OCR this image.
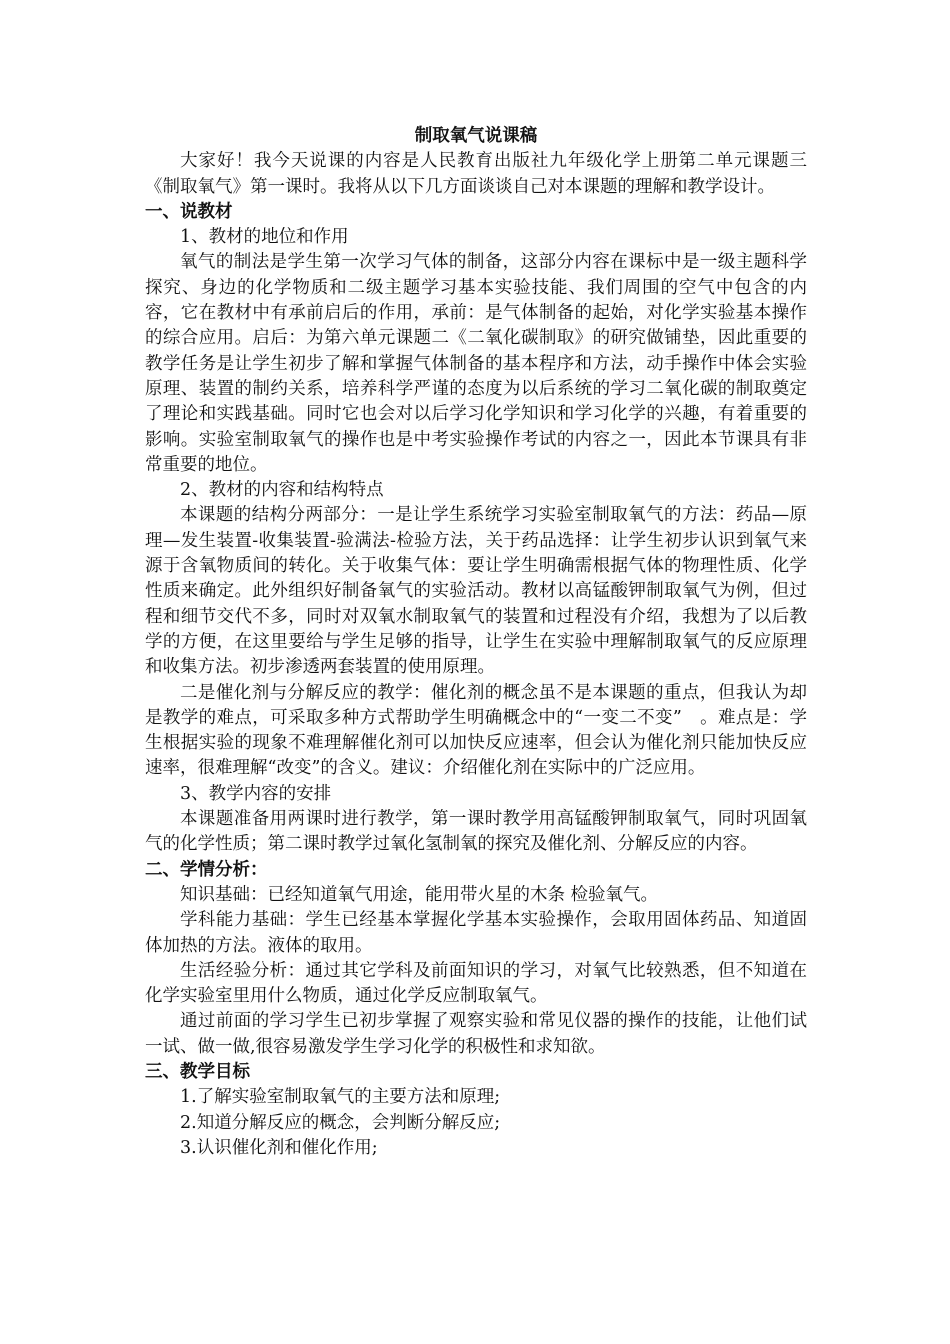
制取氧气说课稿

大家好！我今天说课的内容是人民教育出版社九年级化学上册第二单元课题三《制取氧气》第一课时。我将从以下几方面谈谈自己对本课题的理解和教学设计。

一、说教材

1、教材的地位和作用

氧气的制法是学生第一次学习气体的制备，这部分内容在课标中是一级主题科学探究、身边的化学物质和二级主题学习基本实验技能、我们周围的空气中包含的内容，它在教材中有承前启后的作用，承前：是气体制备的起始，对化学实验基本操作的综合应用。启后：为第六单元课题二《二氧化碳制取》的研究做铺垫，因此重要的教学任务是让学生初步了解和掌握气体制备的基本程序和方法，动手操作中体会实验原理、装置的制约关系，培养科学严谨的态度为以后系统的学习二氧化碳的制取奠定了理论和实践基础。同时它也会对以后学习化学知识和学习化学的兴趣，有着重要的影响。实验室制取氧气的操作也是中考实验操作考试的内容之一，因此本节课具有非常重要的地位。

2、教材的内容和结构特点

本课题的结构分两部分：一是让学生系统学习实验室制取氧气的方法：药品—原理—发生装置-收集装置-验满法-检验方法，关于药品选择：让学生初步认识到氧气来源于含氧物质间的转化。关于收集气体：要让学生明确需根据气体的物理性质、化学性质来确定。此外组织好制备氧气的实验活动。教材以高锰酸钾制取氧气为例，但过程和细节交代不多，同时对双氧水制取氧气的装置和过程没有介绍，我想为了以后教学的方便，在这里要给与学生足够的指导，让学生在实验中理解制取氧气的反应原理和收集方法。初步渗透两套装置的使用原理。

二是催化剂与分解反应的教学：催化剂的概念虽不是本课题的重点，但我认为却是教学的难点，可采取多种方式帮助学生明确概念中的“一变二不变”　。难点是：学生根据实验的现象不难理解催化剂可以加快反应速率，但会认为催化剂只能加快反应速率，很难理解“改变”的含义。建议：介绍催化剂在实际中的广泛应用。

3、教学内容的安排

本课题准备用两课时进行教学，第一课时教学用高锰酸钾制取氧气，同时巩固氧气的化学性质；第二课时教学过氧化氢制氧的探究及催化剂、分解反应的内容。

二、学情分析：

知识基础：已经知道氧气用途，能用带火星的木条 检验氧气。

学科能力基础：学生已经基本掌握化学基本实验操作，会取用固体药品、知道固体加热的方法。液体的取用。

生活经验分析：通过其它学科及前面知识的学习，对氧气比较熟悉，但不知道在化学实验室里用什么物质，通过化学反应制取氧气。

通过前面的学习学生已初步掌握了观察实验和常见仪器的操作的技能，让他们试一试、做一做,很容易激发学生学习化学的积极性和求知欲。

三、教学目标

1.了解实验室制取氧气的主要方法和原理;

2.知道分解反应的概念，会判断分解反应;

3.认识催化剂和催化作用;
